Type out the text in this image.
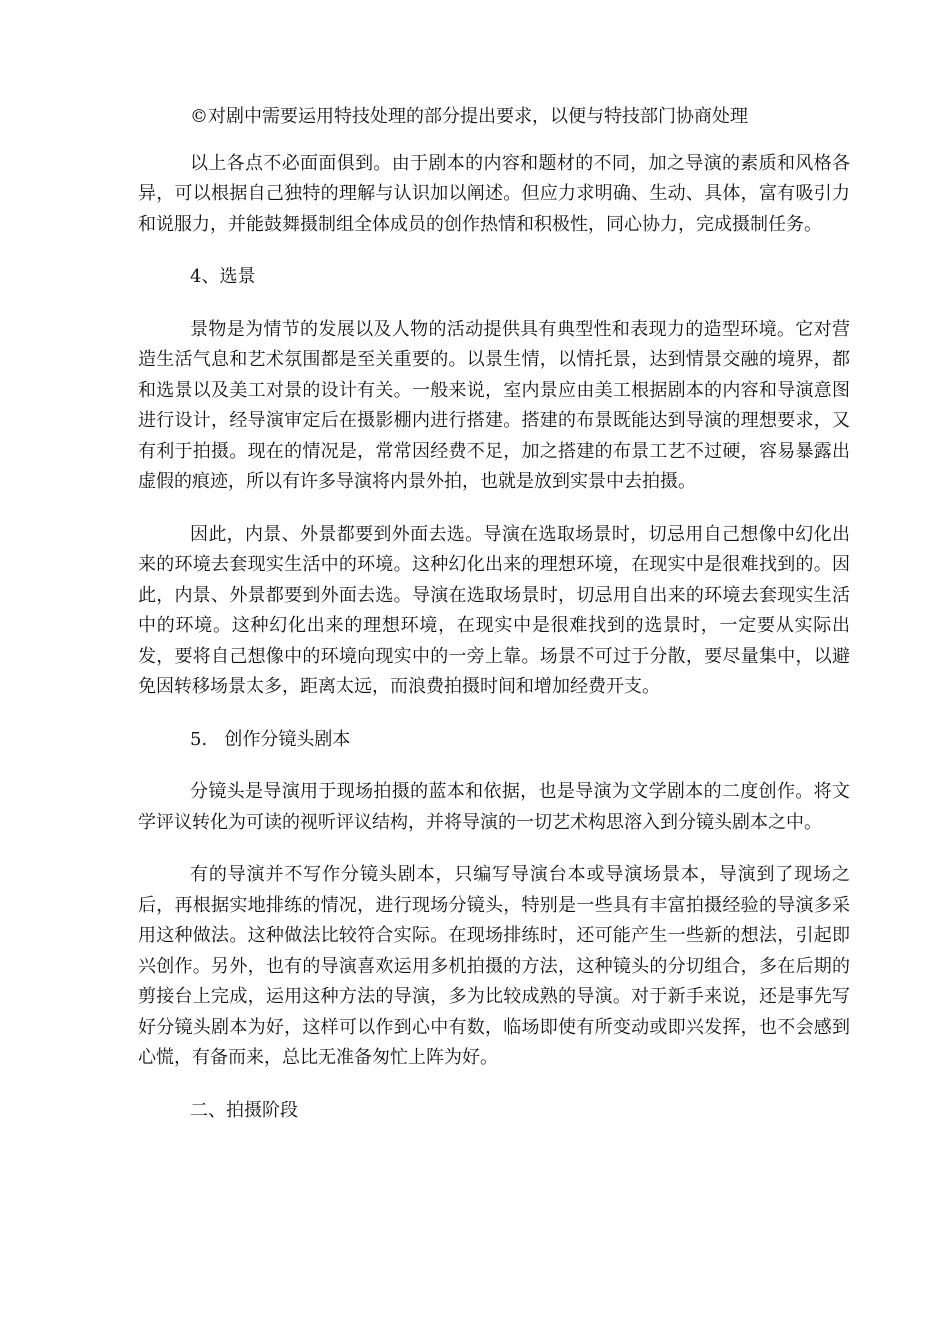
©对剧中需要运用特技处理的部分提出要求，以便与特技部门协商处理

以上各点不必面面俱到。由于剧本的内容和题材的不同，加之导演的素质和风格各异，可以根据自己独特的理解与认识加以阐述。但应力求明确、生动、具体，富有吸引力和说服力，并能鼓舞摄制组全体成员的创作热情和积极性，同心协力，完成摄制任务。

4、选景

景物是为情节的发展以及人物的活动提供具有典型性和表现力的造型环境。它对营造生活气息和艺术氛围都是至关重要的。以景生情，以情托景，达到情景交融的境界，都和选景以及美工对景的设计有关。一般来说，室内景应由美工根据剧本的内容和导演意图进行设计，经导演审定后在摄影棚内进行搭建。搭建的布景既能达到导演的理想要求，又有利于拍摄。现在的情况是，常常因经费不足，加之搭建的布景工艺不过硬，容易暴露出虚假的痕迹，所以有许多导演将内景外拍，也就是放到实景中去拍摄。

因此，内景、外景都要到外面去选。导演在选取场景时，切忌用自己想像中幻化出来的环境去套现实生活中的环境。这种幻化出来的理想环境，在现实中是很难找到的。因此，内景、外景都要到外面去选。导演在选取场景时，切忌用自出来的环境去套现实生活中的环境。这种幻化出来的理想环境，在现实中是很难找到的选景时，一定要从实际出发，要将自己想像中的环境向现实中的一旁上靠。场景不可过于分散，要尽量集中，以避免因转移场景太多，距离太远，而浪费拍摄时间和增加经费开支。

5.   创作分镜头剧本

分镜头是导演用于现场拍摄的蓝本和依据，也是导演为文学剧本的二度创作。将文学评议转化为可读的视听评议结构，并将导演的一切艺术构思溶入到分镜头剧本之中。

有的导演并不写作分镜头剧本，只编写导演台本或导演场景本，导演到了现场之后，再根据实地排练的情况，进行现场分镜头，特别是一些具有丰富拍摄经验的导演多采用这种做法。这种做法比较符合实际。在现场排练时，还可能产生一些新的想法，引起即兴创作。另外，也有的导演喜欢运用多机拍摄的方法，这种镜头的分切组合，多在后期的剪接台上完成，运用这种方法的导演，多为比较成熟的导演。对于新手来说，还是事先写好分镜头剧本为好，这样可以作到心中有数，临场即使有所变动或即兴发挥，也不会感到心慌，有备而来，总比无准备匆忙上阵为好。

二、拍摄阶段
